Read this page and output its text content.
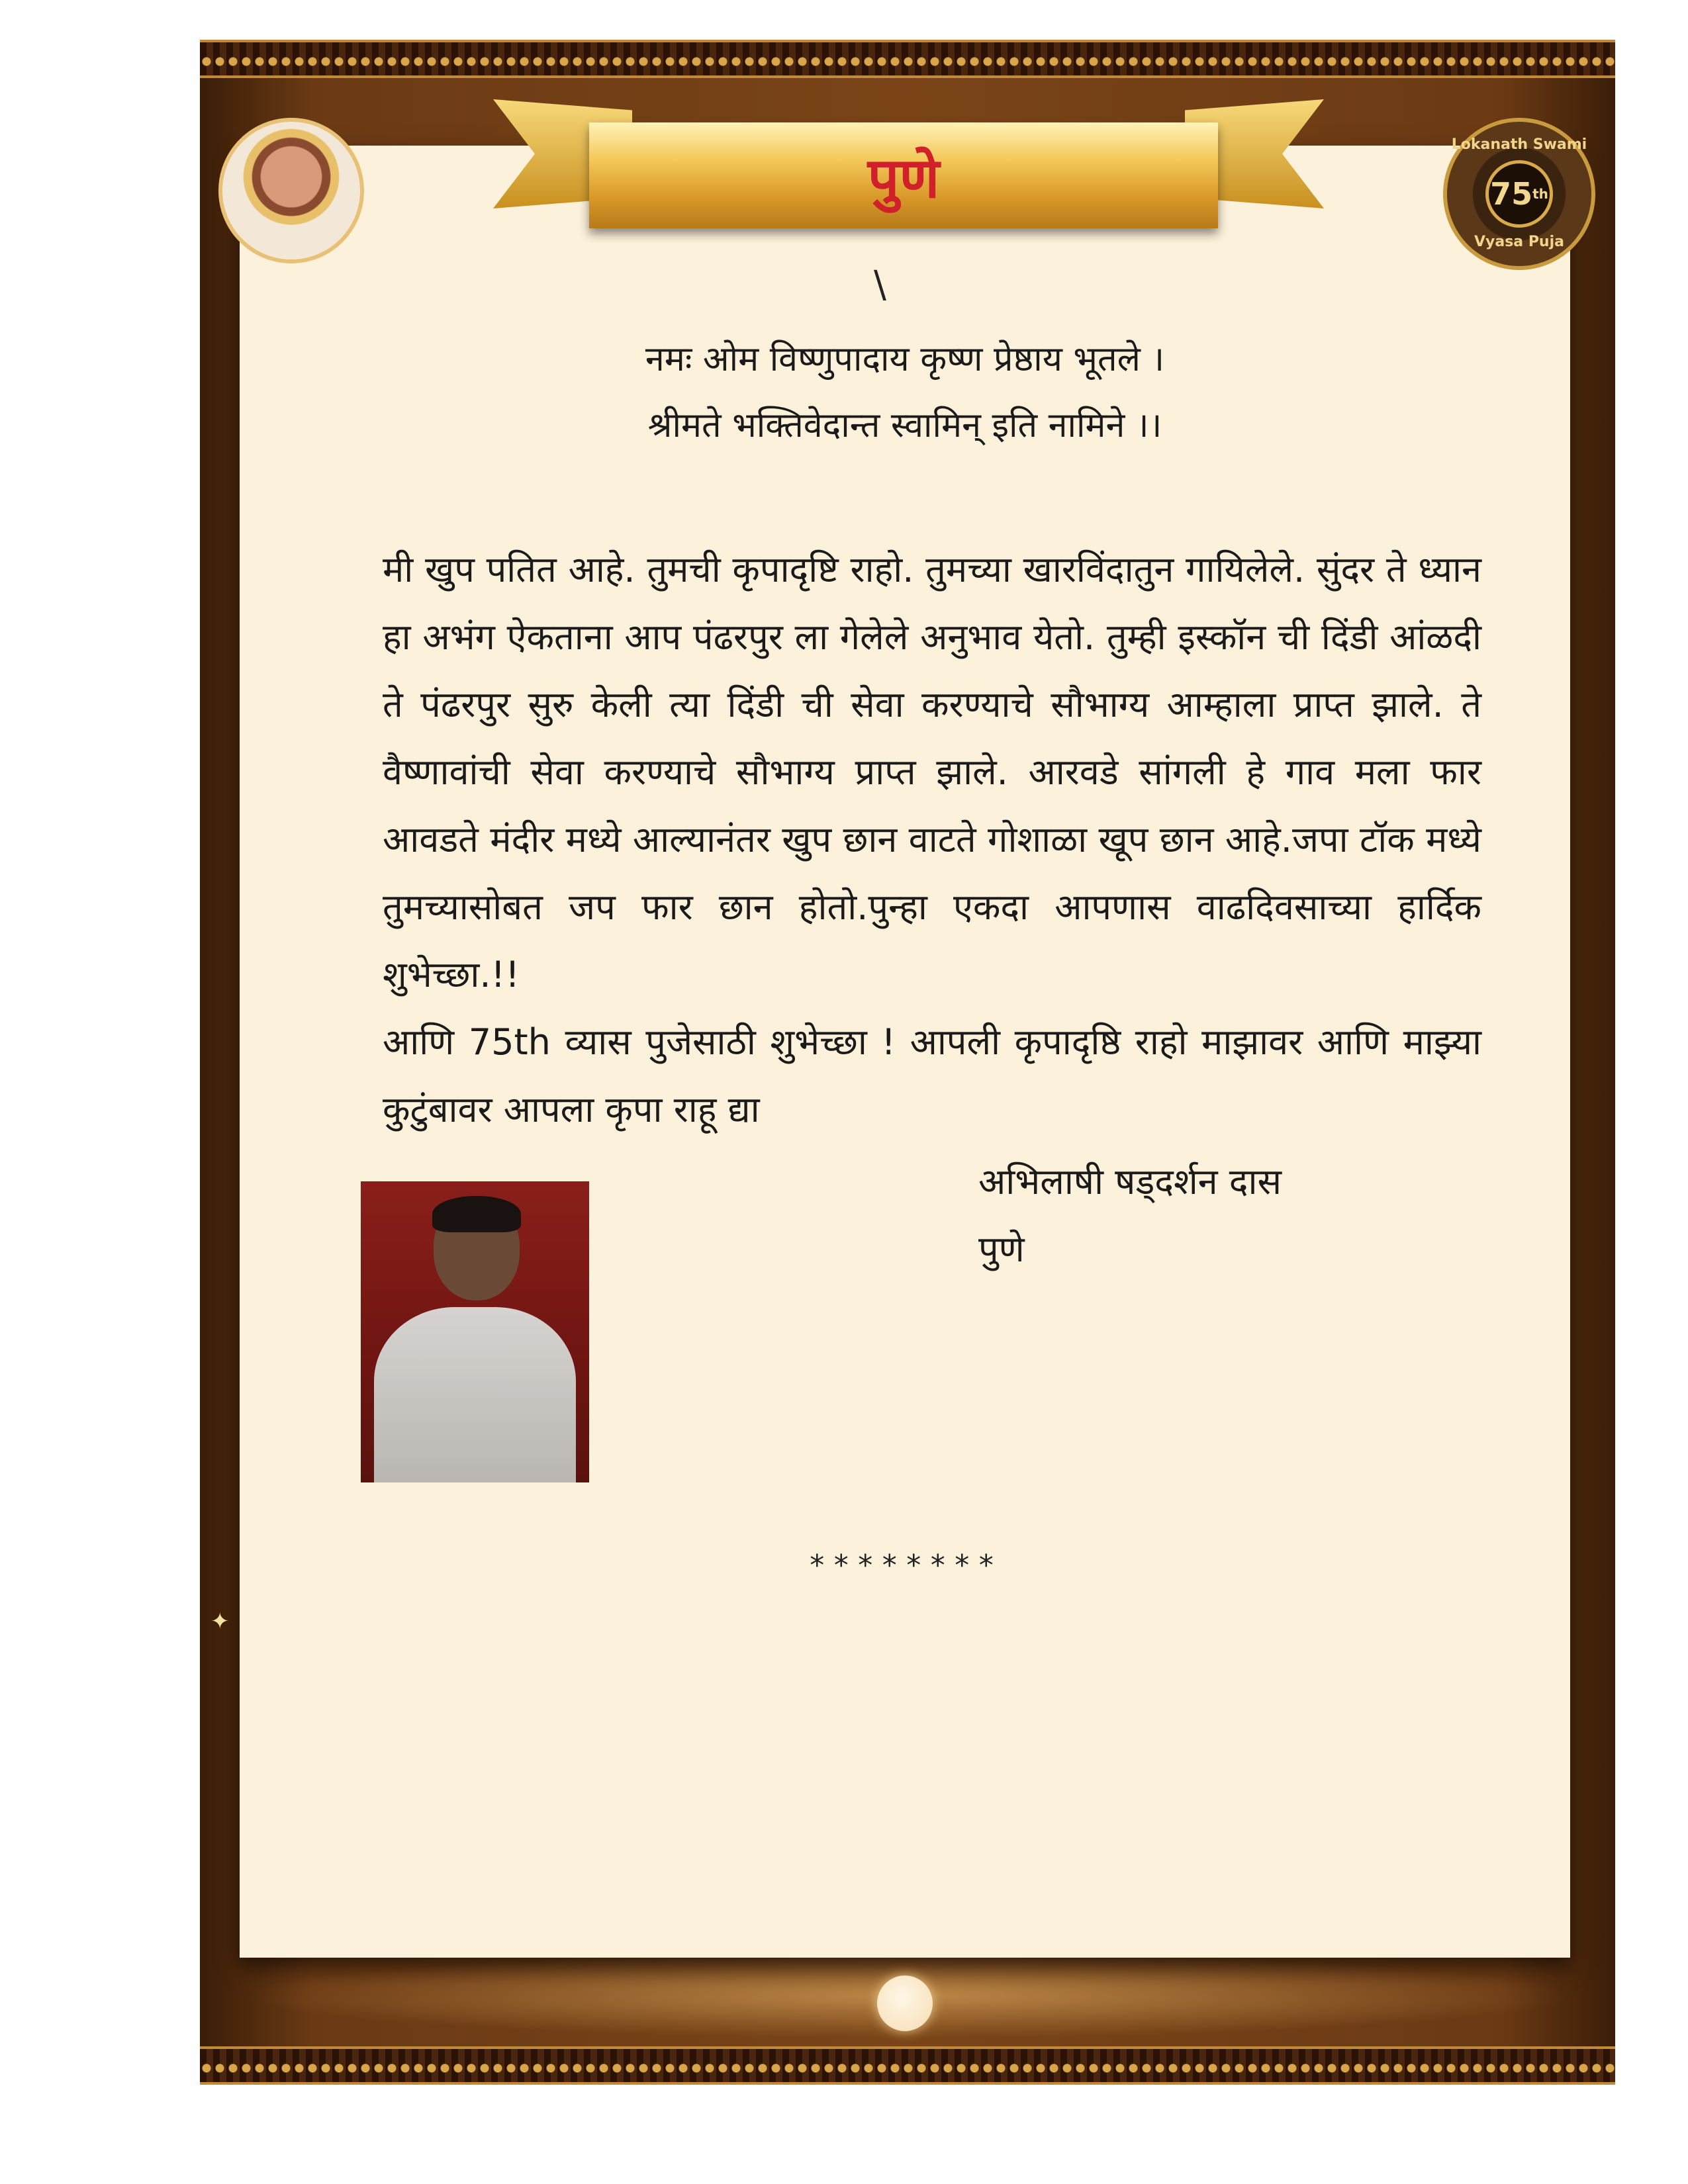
पुणे
Lokanath Swami
75 th
Vyasa Puja
\
नमः ओम विष्णुपादाय कृष्ण प्रेष्ठाय भूतले ।
श्रीमते भक्तिवेदान्त स्वामिन् इति नामिने ।।

मी खुप पतित आहे. तुमची कृपादृष्टि राहो. तुमच्या खारविंदातुन गायिलेले. सुंदर ते ध्यान हा अभंग ऐकताना आप पंढरपुर ला गेलेले अनुभाव येतो. तुम्ही इस्कॉन ची दिंडी आंळदी ते पंढरपुर सुरु केली त्या दिंडी ची सेवा करण्याचे सौभाग्य आम्हाला प्राप्त झाले. ते वैष्णावांची सेवा करण्याचे सौभाग्य प्राप्त झाले. आरवडे सांगली हे गाव मला फार आवडते मंदीर मध्ये आल्यानंतर खुप छान वाटते गोशाळा खूप छान आहे.जपा टॉक मध्ये तुमच्यासोबत जप फार छान होतो.पुन्हा एकदा आपणास वाढदिवसाच्या हार्दिक शुभेच्छा.!!

आणि 75th व्यास पुजेसाठी शुभेच्छा ! आपली कृपादृष्ठि राहो माझावर आणि माझ्या कुटुंबावर आपला कृपा राहू द्या

अभिलाषी षड्दर्शन दास
पुणे
********
✦
